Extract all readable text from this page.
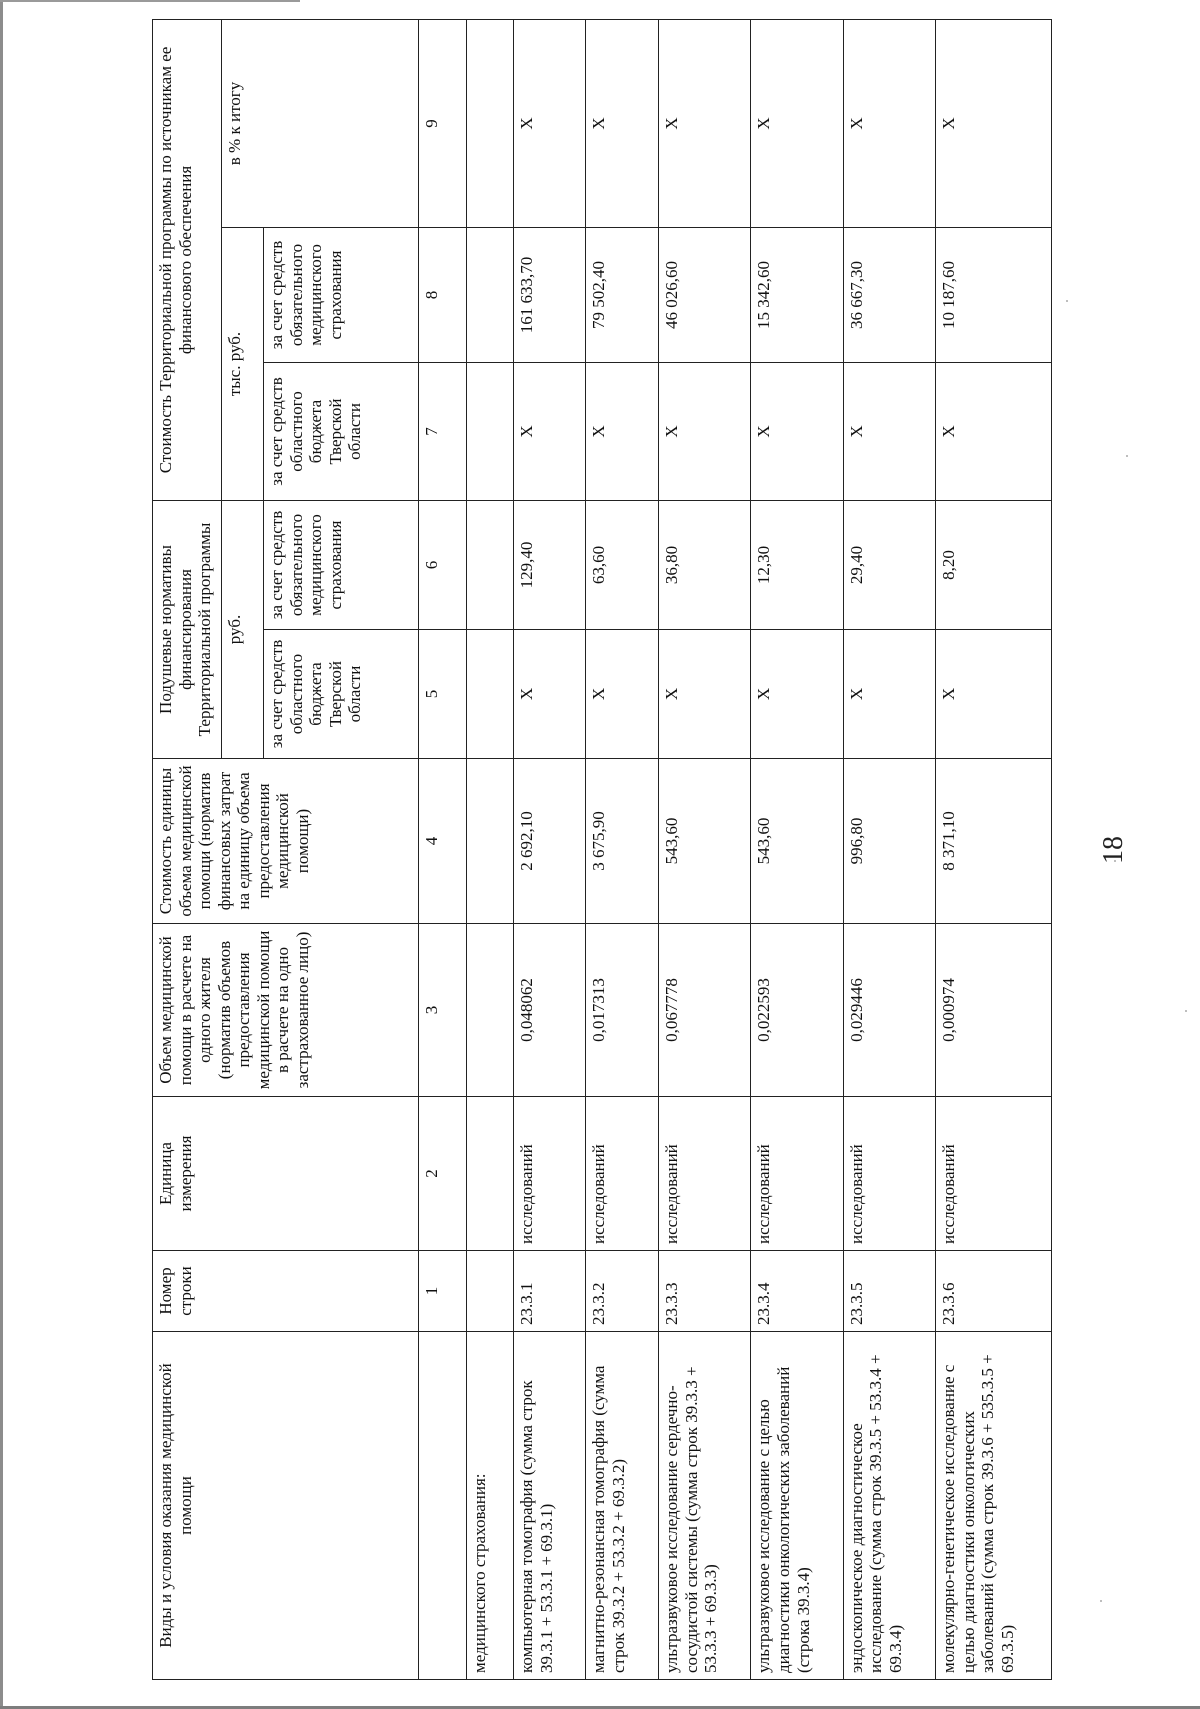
Виды и условия оказания медицинской помощи	Номер строки	Единица измерения	Объем медицинской помощи в расчете на одного жителя (норматив объемов предоставления медицинской помощи в расчете на одно застрахованное лицо)	Стоимость единицы объема медицинской помощи (норматив финансовых затрат на единицу объема предоставления медицинской помощи)	Подушевые нормативы финансирования Территориальной программы		Стоимость Территориальной программы по источникам ее финансового обеспечения		
					руб.		тыс. руб.		в % к итогу
					за счет средств областного бюджета Тверской области	за счет средств обязательного медицинского страхования	за счет средств областного бюджета Тверской области	за счет средств обязательного медицинского страхования	
	1	2	3	4	5	6	7	8	9
медицинского страхования:									
компьютерная томография (сумма строк 39.3.1 + 53.3.1 + 69.3.1)	23.3.1	исследований	0,048062	2 692,10	X	129,40	X	161 633,70	X
магнитно-резонансная томография (сумма строк 39.3.2 + 53.3.2 + 69.3.2)	23.3.2	исследований	0,017313	3 675,90	X	63,60	X	79 502,40	X
ультразвуковое исследование сердечно-сосудистой системы (сумма строк 39.3.3 + 53.3.3 + 69.3.3)	23.3.3	исследований	0,067778	543,60	X	36,80	X	46 026,60	X
ультразвуковое исследование с целью диагностики онкологических заболеваний (строка 39.3.4)	23.3.4	исследований	0,022593	543,60	X	12,30	X	15 342,60	X
эндоскопическое диагностическое исследование (сумма строк 39.3.5 + 53.3.4 + 69.3.4)	23.3.5	исследований	0,029446	996,80	X	29,40	X	36 667,30	X
молекулярно-генетическое исследование с целью диагностики онкологических заболеваний (сумма строк 39.3.6 + 535.3.5 + 69.3.5)	23.3.6	исследований	0,000974	8 371,10	X	8,20	X	10 187,60	X
18
